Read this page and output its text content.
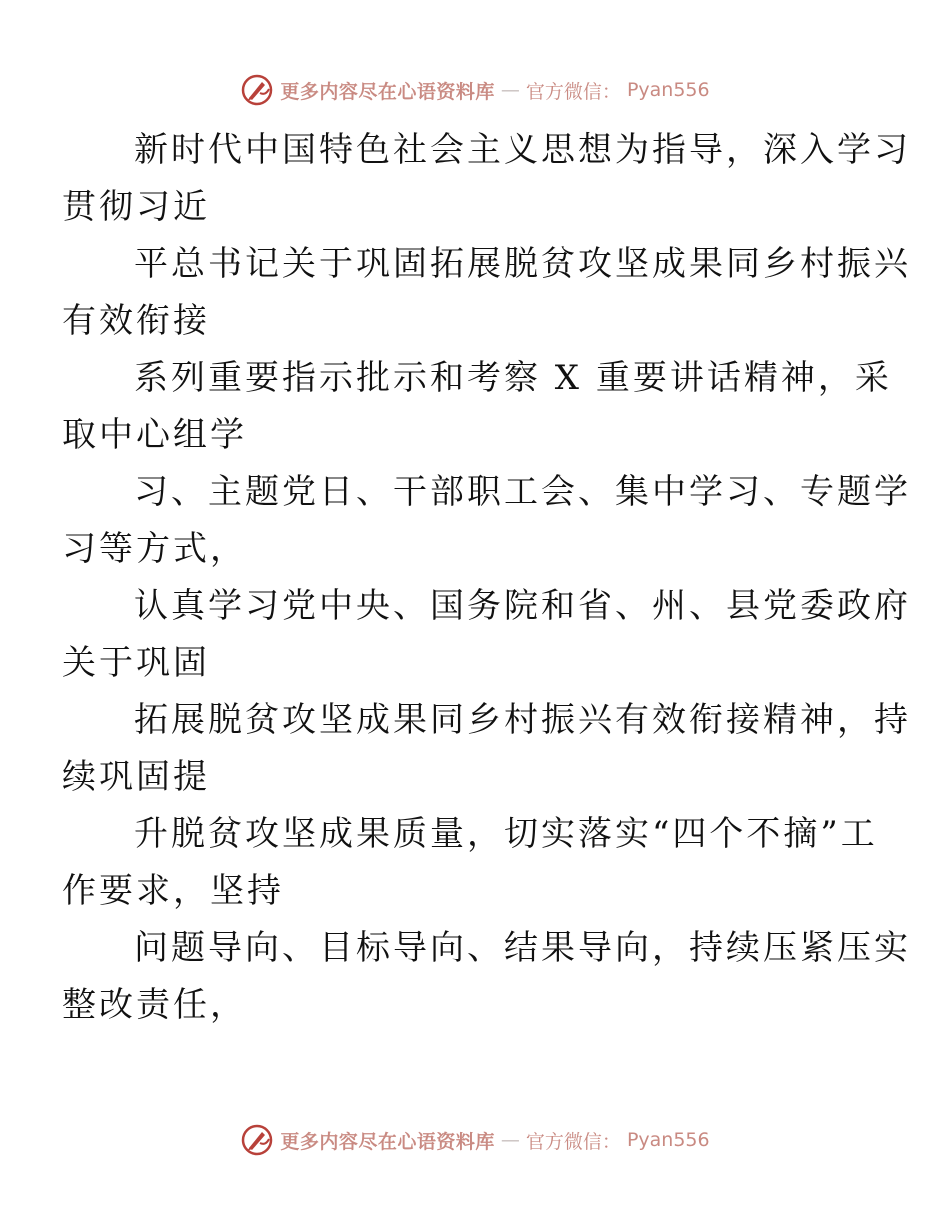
更多内容尽在心语资料库 — 官方微信： Pyan556

新时代中国特色社会主义思想为指导，深入学习
贯彻习近

平总书记关于巩固拓展脱贫攻坚成果同乡村振兴
有效衔接

系列重要指示批示和考察 X 重要讲话精神，采
取中心组学

习、主题党日、干部职工会、集中学习、专题学
习等方式，

认真学习党中央、国务院和省、州、县党委政府
关于巩固

拓展脱贫攻坚成果同乡村振兴有效衔接精神，持
续巩固提

升脱贫攻坚成果质量，切实落实“四个不摘”工
作要求，坚持

问题导向、目标导向、结果导向，持续压紧压实
整改责任，

更多内容尽在心语资料库 — 官方微信： Pyan556
